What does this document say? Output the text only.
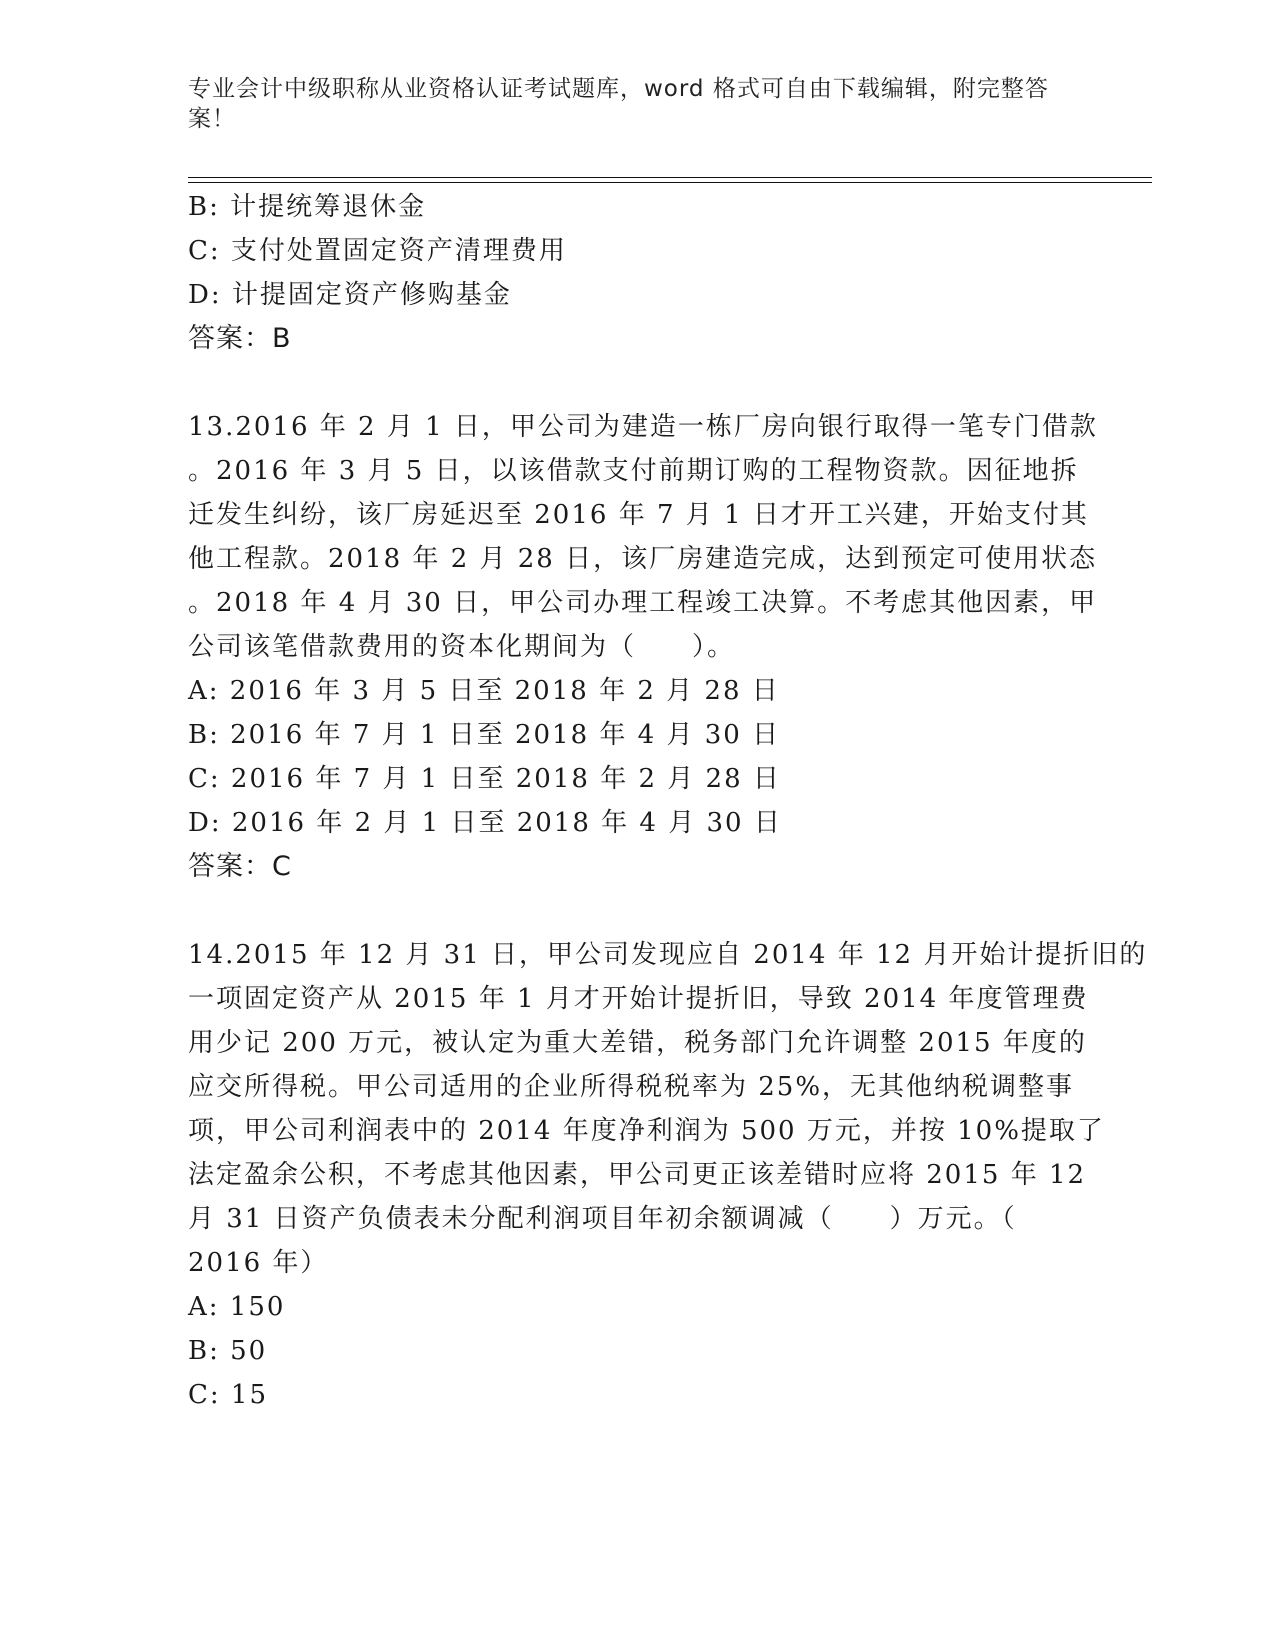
专业会计中级职称从业资格认证考试题库，word 格式可自由下载编辑，附完整答案！
B: 计提统筹退休金
C: 支付处置固定资产清理费用
D: 计提固定资产修购基金
答案：B
13.2016 年 2 月 1 日，甲公司为建造一栋厂房向银行取得一笔专门借款
。2016 年 3 月 5 日，以该借款支付前期订购的工程物资款。因征地拆
迁发生纠纷，该厂房延迟至 2016 年 7 月 1 日才开工兴建，开始支付其
他工程款。2018 年 2 月 28 日，该厂房建造完成，达到预定可使用状态
。2018 年 4 月 30 日，甲公司办理工程竣工决算。不考虑其他因素，甲
公司该笔借款费用的资本化期间为（　　）。
A: 2016 年 3 月 5 日至 2018 年 2 月 28 日
B: 2016 年 7 月 1 日至 2018 年 4 月 30 日
C: 2016 年 7 月 1 日至 2018 年 2 月 28 日
D: 2016 年 2 月 1 日至 2018 年 4 月 30 日
答案：C
14.2015 年 12 月 31 日，甲公司发现应自 2014 年 12 月开始计提折旧的
一项固定资产从 2015 年 1 月才开始计提折旧，导致 2014 年度管理费
用少记 200 万元，被认定为重大差错，税务部门允许调整 2015 年度的
应交所得税。甲公司适用的企业所得税税率为 25%，无其他纳税调整事
项，甲公司利润表中的 2014 年度净利润为 500 万元，并按 10%提取了
法定盈余公积，不考虑其他因素，甲公司更正该差错时应将 2015 年 12
月 31 日资产负债表未分配利润项目年初余额调减（　　）万元。（
2016 年）
A: 150
B: 50
C: 15
